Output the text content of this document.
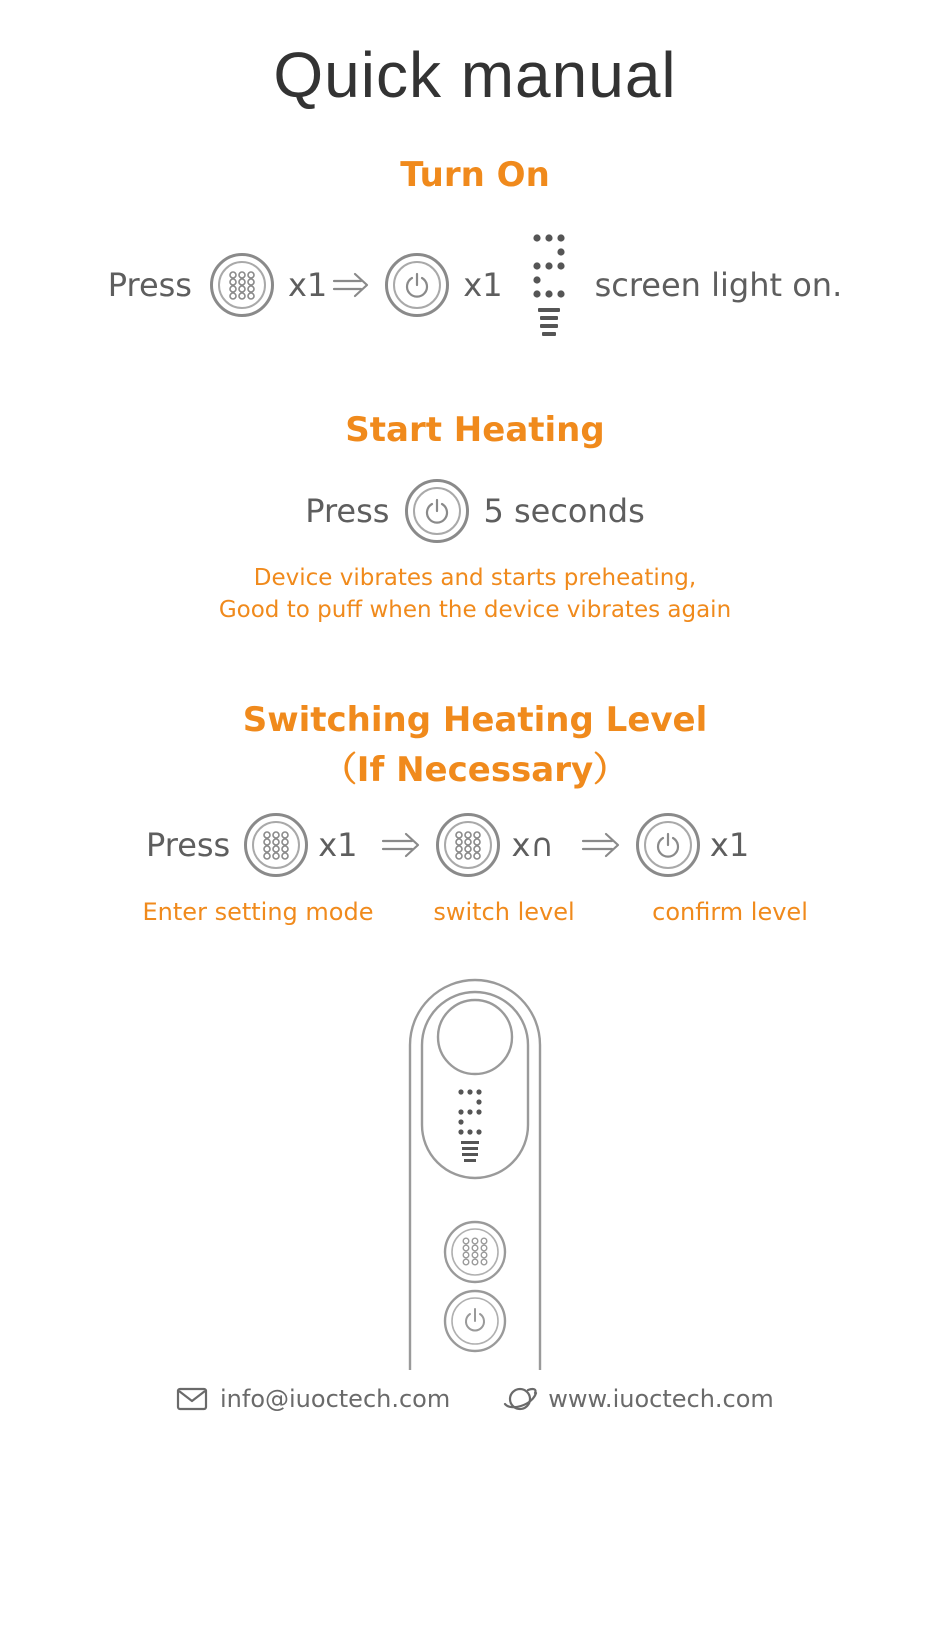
Quick manual
Turn On
Press	x1	x1	screen light on.
Start Heating
Press	5 seconds
Device vibrates and starts preheating,
Good to puff when the device vibrates again
Switching Heating Level
（If Necessary）
Press	x1	x∩	x1
Enter setting mode	switch level	confirm level
info@iuoctech.com	www.iuoctech.com
